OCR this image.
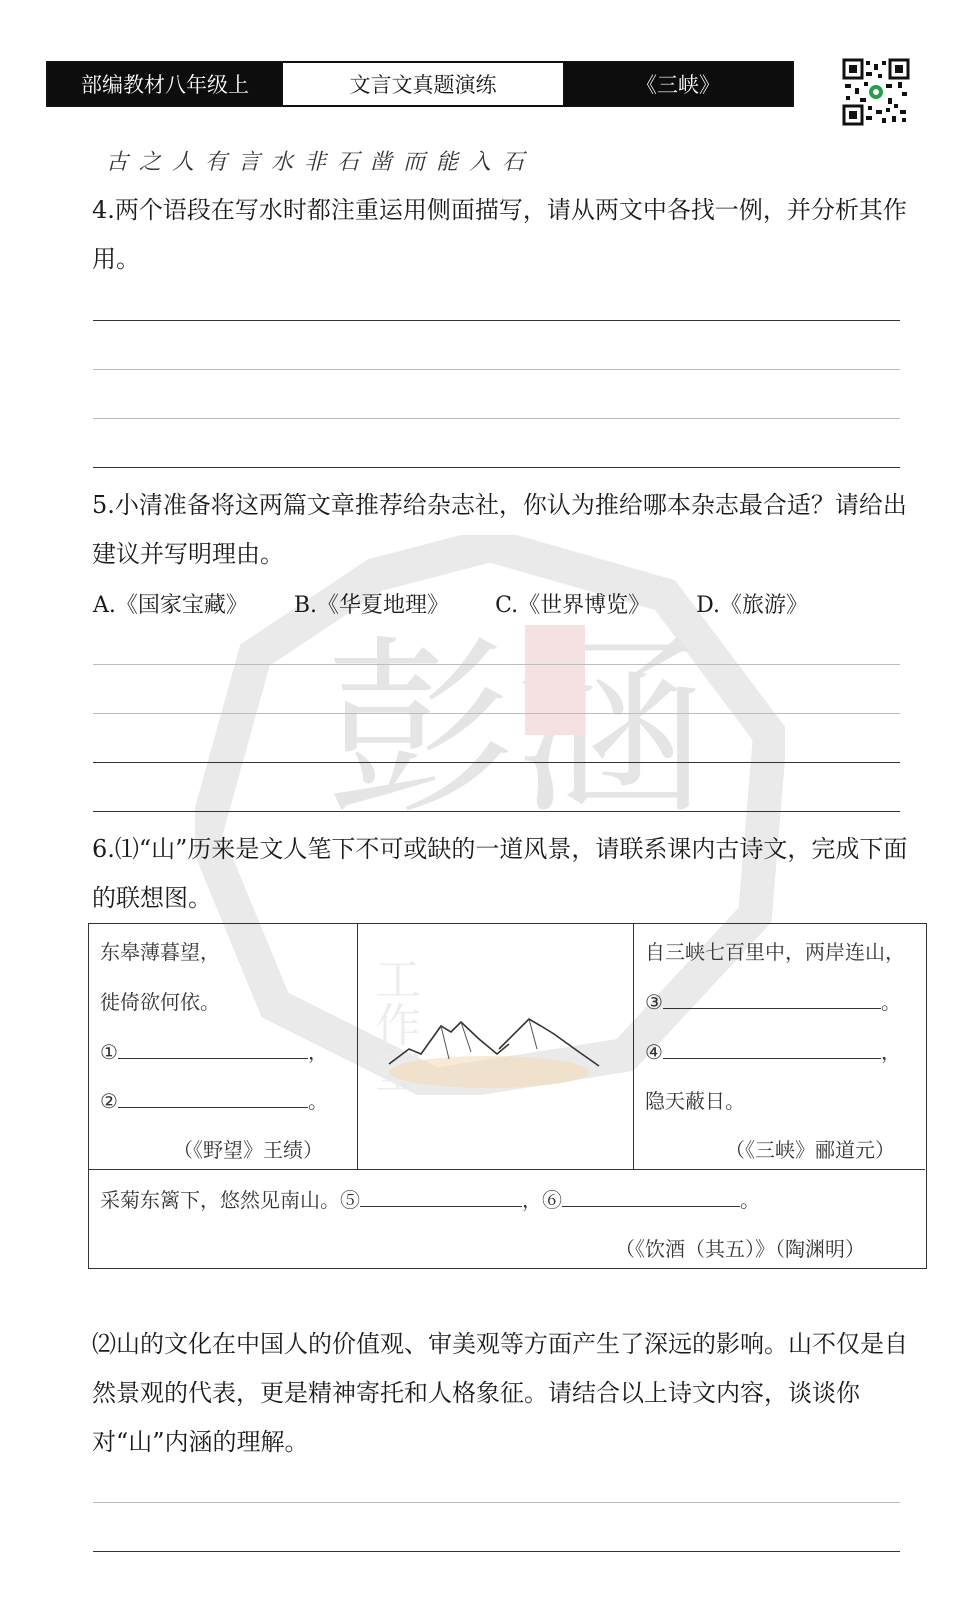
彭涵
工作室
部编教材八年级上	文言文真题演练	《三峡》
古之人有言水非石凿而能入石
4.两个语段在写水时都注重运用侧面描写，请从两文中各找一例，并分析其作用。
5.小清准备将这两篇文章推荐给杂志社，你认为推给哪本杂志最合适？请给出建议并写明理由。
A.《国家宝藏》 B.《华夏地理》 C.《世界博览》 D.《旅游》
6.⑴“山”历来是文人笔下不可或缺的一道风景，请联系课内古诗文，完成下面的联想图。
东皋薄暮望，
徙倚欲何依。
①	，
②	。
（《野望》王绩）
自三峡七百里中，两岸连山，
③	。
④	，
隐天蔽日。
（《三峡》郦道元）
采菊东篱下，悠然见南山。⑤	，⑥	。
（《饮酒（其五）》（陶渊明）
⑵山的文化在中国人的价值观、审美观等方面产生了深远的影响。山不仅是自然景观的代表，更是精神寄托和人格象征。请结合以上诗文内容，谈谈你对“山”内涵的理解。
